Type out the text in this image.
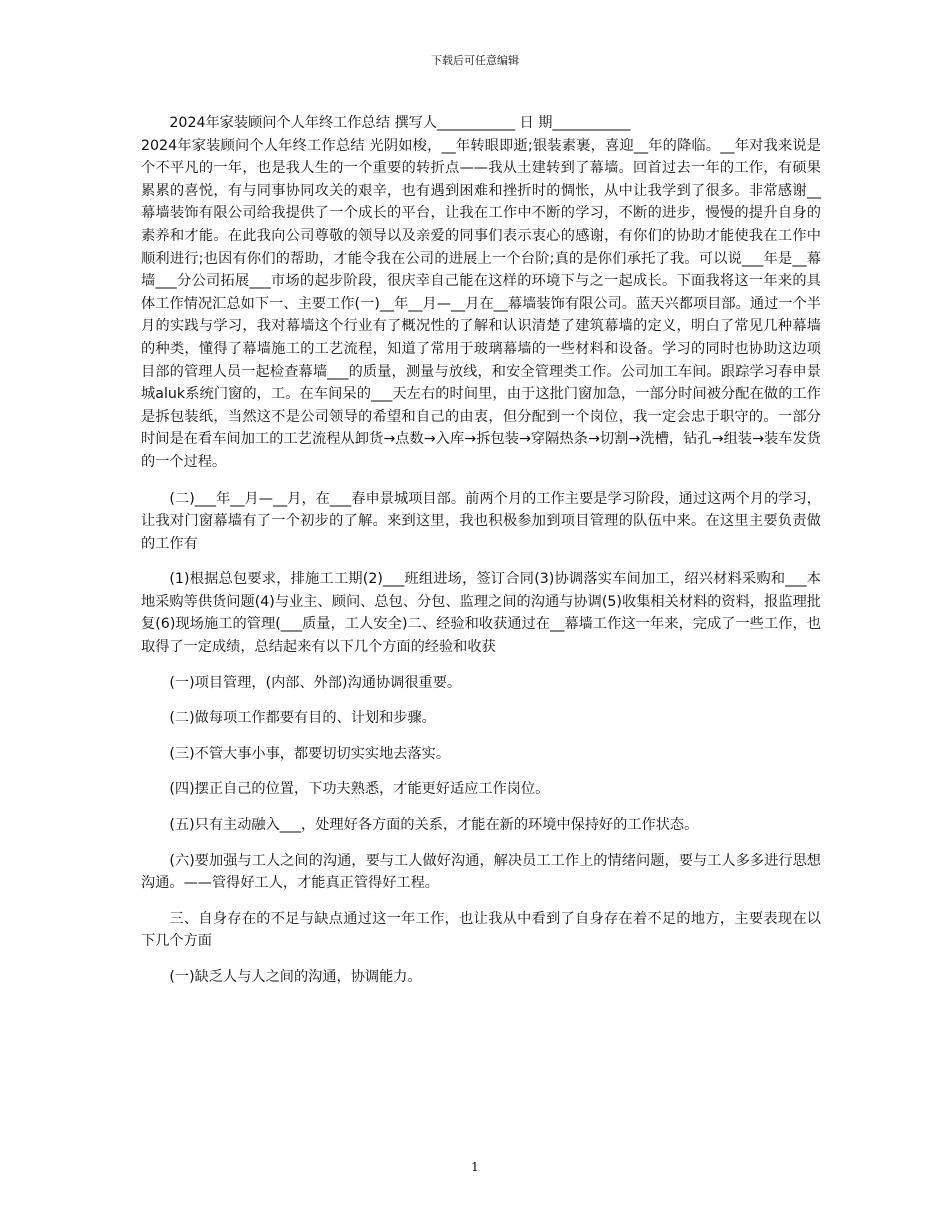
下载后可任意编辑
2024年家装顾问个人年终工作总结 撰写人___________ 日 期___________
2024年家装顾问个人年终工作总结 光阴如梭，__年转眼即逝;银装素裹，喜迎__年的降临。__年对我来说是个不平凡的一年，也是我人生的一个重要的转折点——我从土建转到了幕墙。回首过去一年的工作，有硕果累累的喜悦，有与同事协同攻关的艰辛，也有遇到困难和挫折时的惆怅，从中让我学到了很多。非常感谢__幕墙装饰有限公司给我提供了一个成长的平台，让我在工作中不断的学习，不断的进步，慢慢的提升自身的素养和才能。在此我向公司尊敬的领导以及亲爱的同事们表示衷心的感谢，有你们的协助才能使我在工作中顺利进行;也因有你们的帮助，才能令我在公司的进展上一个台阶;真的是你们承托了我。可以说___年是__幕墙___分公司拓展___市场的起步阶段，很庆幸自己能在这样的环境下与之一起成长。下面我将这一年来的具体工作情况汇总如下一、主要工作(一)__年__月—__月在__幕墙装饰有限公司。蓝天兴都项目部。通过一个半月的实践与学习，我对幕墙这个行业有了概况性的了解和认识清楚了建筑幕墙的定义，明白了常见几种幕墙的种类，懂得了幕墙施工的工艺流程，知道了常用于玻璃幕墙的一些材料和设备。学习的同时也协助这边项目部的管理人员一起检查幕墙___的质量，测量与放线，和安全管理类工作。公司加工车间。跟踪学习春申景城aluk系统门窗的，工。在车间呆的___天左右的时间里，由于这批门窗加急，一部分时间被分配在做的工作是拆包装纸，当然这不是公司领导的希望和自己的由衷，但分配到一个岗位，我一定会忠于职守的。一部分时间是在看车间加工的工艺流程从卸货→点数→入库→拆包装→穿隔热条→切割→洗槽，钻孔→组装→装车发货的一个过程。

(二)___年__月—__月，在___春申景城项目部。前两个月的工作主要是学习阶段，通过这两个月的学习，让我对门窗幕墙有了一个初步的了解。来到这里，我也积极参加到项目管理的队伍中来。在这里主要负责做的工作有

(1)根据总包要求，排施工工期(2)___班组进场，签订合同(3)协调落实车间加工，绍兴材料采购和___本地采购等供货问题(4)与业主、顾问、总包、分包、监理之间的沟通与协调(5)收集相关材料的资料，报监理批复(6)现场施工的管理(___质量，工人安全)二、经验和收获通过在__幕墙工作这一年来，完成了一些工作，也取得了一定成绩，总结起来有以下几个方面的经验和收获

(一)项目管理，(内部、外部)沟通协调很重要。

(二)做每项工作都要有目的、计划和步骤。

(三)不管大事小事，都要切切实实地去落实。

(四)摆正自己的位置，下功夫熟悉，才能更好适应工作岗位。

(五)只有主动融入___，处理好各方面的关系，才能在新的环境中保持好的工作状态。

(六)要加强与工人之间的沟通，要与工人做好沟通，解决员工工作上的情绪问题，要与工人多多进行思想沟通。——管得好工人，才能真正管得好工程。

三、自身存在的不足与缺点通过这一年工作，也让我从中看到了自身存在着不足的地方，主要表现在以下几个方面

(一)缺乏人与人之间的沟通，协调能力。

1
